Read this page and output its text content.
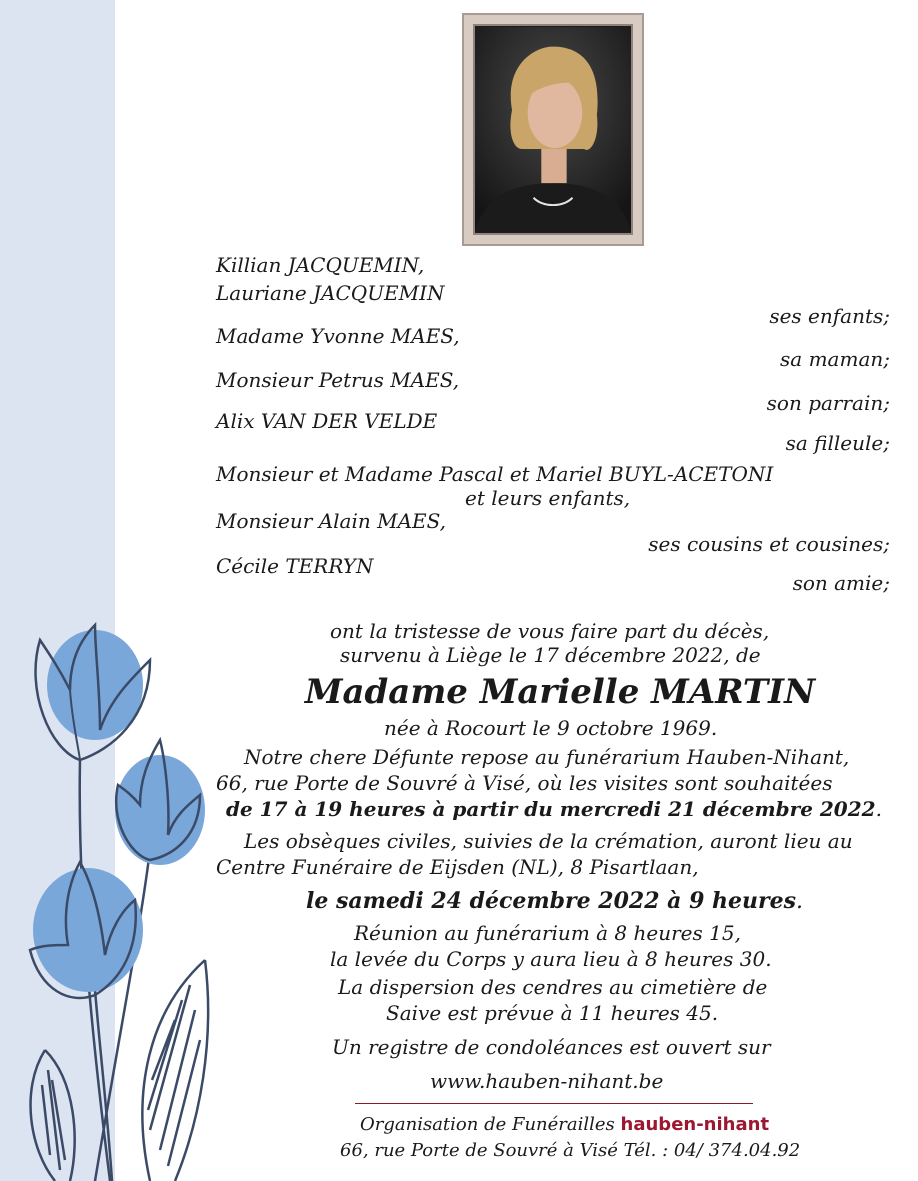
Killian JACQUEMIN,
Lauriane JACQUEMIN
ses enfants;
Madame Yvonne MAES,
sa maman;
Monsieur Petrus MAES,
son parrain;
Alix VAN DER VELDE
sa filleule;
Monsieur et Madame Pascal et Mariel BUYL-ACETONI
et leurs enfants,
Monsieur Alain MAES,
ses cousins et cousines;
Cécile TERRYN
son amie;
ont la tristesse de vous faire part du décès,
survenu à Liège le 17 décembre 2022, de
Madame Marielle MARTIN
née à Rocourt le 9 octobre 1969.
Notre chere Défunte repose au funérarium Hauben-Nihant,
66, rue Porte de Souvré à Visé, où les visites sont souhaitées
de 17 à 19 heures à partir du mercredi 21 décembre 2022.
Les obsèques civiles, suivies de la crémation, auront lieu au
Centre Funéraire de Eijsden (NL), 8 Pisartlaan,
le samedi 24 décembre 2022 à 9 heures.
Réunion au funérarium à 8 heures 15,
la levée du Corps y aura lieu à 8 heures 30.
La dispersion des cendres au cimetière de
Saive est prévue à 11 heures 45.
Un registre de condoléances est ouvert sur
www.hauben-nihant.be
Organisation de Funérailles hauben-nihant
66, rue Porte de Souvré à Visé Tél. : 04/ 374.04.92
